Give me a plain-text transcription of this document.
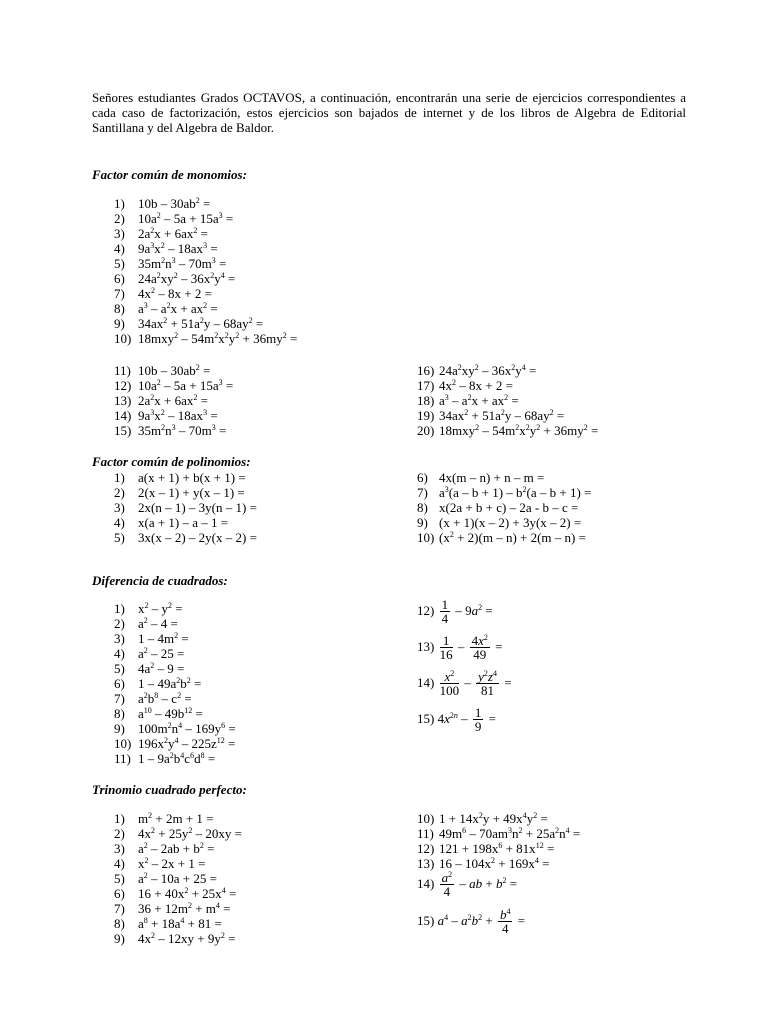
Señores estudiantes Grados OCTAVOS, a continuación, encontrarán una serie de ejercicios correspondientes a cada caso de factorización, estos ejercicios son bajados de internet y de los libros de Algebra de Editorial Santillana y del Algebra de Baldor.
Factor común de monomios:
1) $10b - 30ab^2$ =
2) $10a^2 - 5a + 15a^3$ =
3) $2a^2x + 6ax^2$ =
4) $9a^3x^2 - 18ax^3$ =
5) $35m^2n^3 - 70m^3$ =
6) $24a^2xy^2 - 36x^2y^4$ =
7) $4x^2 - 8x + 2$ =
8) $a^3 - a^2x + ax^2$ =
9) $34ax^2 + 51a^2y - 68ay^2$ =
10) $18mxy^2 - 54m^2x^2y^2 + 36my^2$ =
11) $10b - 30ab^2$ =
12) $10a^2 - 5a + 15a^3$ =
13) $2a^2x + 6ax^2$ =
14) $9a^3x^2 - 18ax^3$ =
15) $35m^2n^3 - 70m^3$ =
16) $24a^2xy^2 - 36x^2y^4$ =
17) $4x^2 - 8x + 2$ =
18) $a^3 - a^2x + ax^2$ =
19) $34ax^2 + 51a^2y - 68ay^2$ =
20) $18mxy^2 - 54m^2x^2y^2 + 36my^2$ =
Factor común de polinomios:
1) a(x + 1) + b(x + 1) =
2) 2(x – 1) + y(x – 1) =
3) 2x(n – 1) – 3y(n – 1) =
4) x(a + 1) – a – 1 =
5) 3x(x – 2) – 2y(x – 2) =
6) 4x(m – n) + n – m =
7) $a^3(a - b + 1) - b^2(a - b + 1)$ =
8) x(2a + b + c) – 2a - b – c =
9) (x + 1)(x – 2) + 3y(x – 2) =
10) $(x^2 + 2)(m - n) + 2(m - n)$ =
Diferencia de cuadrados:
1) $x^2 - y^2$ =
2) $a^2 - 4$ =
3) $1 - 4m^2$ =
4) $a^2 - 25$ =
5) $4a^2 - 9$ =
6) $1 - 49a^2b^2$ =
7) $a^2b^8 - c^2$ =
8) $a^{10} - 49b^{12}$ =
9) $100m^2n^4 - 169y^6$ =
10) $196x^2y^4 - 225z^{12}$ =
11) $1 - 9a^2b^4c^6d^8$ =
$12) \frac{1}{4} - 9a^2$ =
$13) \frac{1}{16} - \frac{4x^2}{49}$ =
$14) \frac{x^2}{100} - \frac{y^2z^4}{81}$ =
15) $4x^{2n} - \frac{1}{9}$ =
Trinomio cuadrado perfecto:
1) $m^2 + 2m + 1$ =
2) $4x^2 + 25y^2 - 20xy$ =
3) $a^2 - 2ab + b^2$ =
4) $x^2 - 2x + 1$ =
5) $a^2 - 10a + 25$ =
6) $16 + 40x^2 + 25x^4$ =
7) $36 + 12m^2 + m^4$ =
8) $a^8 + 18a^4 + 81$ =
9) $4x^2 - 12xy + 9y^2$ =
10) $1 + 14x^2y + 49x^4y^2$ =
11) $49m^6 - 70am^3n^2 + 25a^2n^4$ =
12) $121 + 198x^6 + 81x^{12}$ =
13) $16 - 104x^2 + 169x^4$ =
$14) \frac{a^2}{4}$ – ab + $b^2$ =
15) $a^4 - a^2b^2 + \frac{b^4}{4}$ =
